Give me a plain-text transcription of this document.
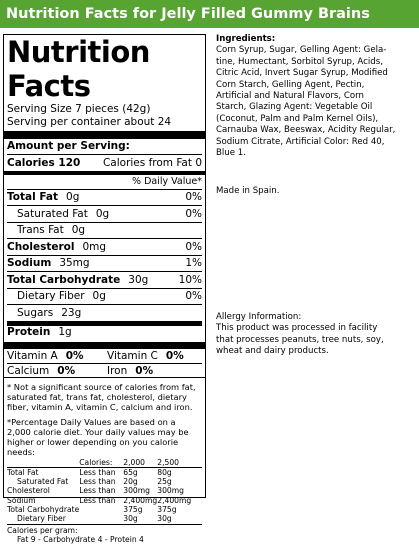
Nutrition Facts for Jelly Filled Gummy Brains
Nutrition Facts
Serving Size 7 pieces (42g)
Serving per container about 24
Amount per Serving:
Calories 120 Calories from Fat 0
% Daily Value*
Total Fat 0g	0%
Saturated Fat 0g	0%
Trans Fat 0g
Cholesterol 0mg	0%
Sodium 35mg	1%
Total Carbohydrate 30g	10%
Dietary Fiber 0g	0%
Sugars 23g
Protein 1g
Vitamin A 0%	Vitamin C 0%
Calcium 0%	Iron 0%
* Not a significant source of calories from fat, saturated fat, trans fat, cholesterol, dietary fiber, vitamin A, vitamin C, calcium and iron.
*Percentage Daily Values are based on a 2,000 calorie diet. Your daily values may be higher or lower depending on you calorie needs:
	Calories:	2,000	2,500
Total Fat	Less than	65g	80g
Saturated Fat	Less than	20g	25g
Cholesterol	Less than	300mg	300mg
Sodium	Less than	2,400mg	2,400mg
Total Carbohydrate		375g	375g
Dietary Fiber		30g	30g
Calories per gram:
Fat 9 - Carbohydrate 4 - Protein 4
Ingredients:
Corn Syrup, Sugar, Gelling Agent: Gela-
tine, Humectant, Sorbitol Syrup, Acids,
Citric Acid, Invert Sugar Syrup, Modified
Corn Starch, Gelling Agent, Pectin,
Artificial and Natural Flavors, Corn
Starch, Glazing Agent: Vegetable Oil
(Coconut, Palm and Palm Kernel Oils),
Carnauba Wax, Beeswax, Acidity Regular,
Sodium Citrate, Artificial Color: Red 40,
Blue 1.
Made in Spain.
Allergy Information:
This product was processed in facility
that processes peanuts, tree nuts, soy,
wheat and dairy products.
